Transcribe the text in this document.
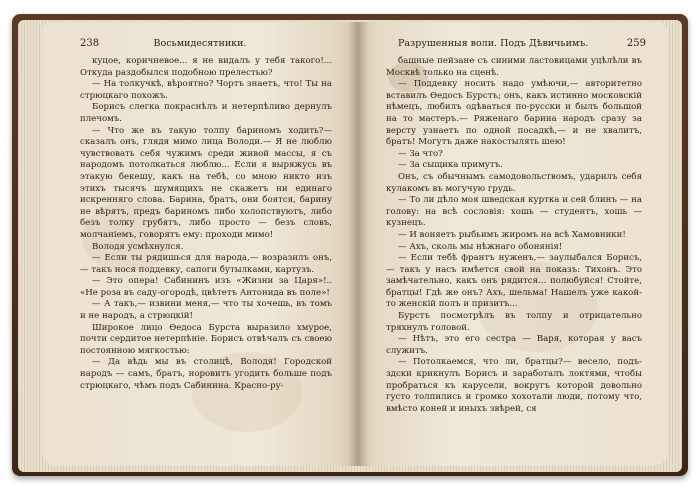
238	Восьмидесятники.
куцое, коричневое... я не видалъ у тебя такого!... Откуда раздобылся подобною прелестью?
— На толкучкѣ, вѣроятно? Чортъ знаетъ, что! Ты на стрюцкаго похожъ.
Борисъ слегка покраснѣлъ и нетерпѣливо дернулъ плечомъ.
— Что же въ такую толпу бариномъ ходить?— сказалъ онъ, глядя мимо лица Володи.— Я не люблю чувствовать себя чужимъ среди живой массы, я съ народомъ потолкаться люблю... Если я выряжусь въ этакую бекешу, какъ на тебѣ, со мною никто изъ этихъ тысячъ шумящихъ не скажетъ ни единаго искренняго слова. Барина, братъ, они боятся, барину не вѣрятъ, предъ бариномъ либо холопствуютъ, либо безъ толку грубятъ, либо просто — безъ словъ, молчаніемъ, говорятъ ему: проходи мимо!
Володя усмѣхнулся.
— Если ты рядишься для народа,— возразилъ онъ,— такъ нося поддевку, сапоги бутылками, картузъ.
— Это опера! Сабининъ изъ «Жизни за Царя»!.. «Не роза въ саду-огородѣ, цвѣтетъ Антонида въ поле»!
— А такъ,— извини меня,— что ты хочешь, въ томъ и не народъ, а стрюцкій!
Широкое лицо Ѳедоса Бурста выразило хмурое, почти сердитое нетерпѣніе. Борисъ отвѣчалъ съ своею постоянною мягкостью:
— Да вѣдь мы въ столицѣ, Володя! Городской народъ — самъ, братъ, норовитъ угодить больше подъ стрюцкаго, чѣмъ подъ Сабинина. Красно-ру-
259
Разрушенныя воли. Подъ Дѣвичьимъ.
башные пейзане съ синими ластовицами уцѣлѣли въ Москвѣ только на сценѣ.
— Поддевку носить надо умѣючи,— авторитетно вставилъ Ѳедосъ Бурстъ; онъ, какъ истинно московскій нѣмецъ, любилъ одѣваться по-русски и былъ большой на то мастеръ.— Ряженаго барина народъ сразу за версту узнаетъ по одной посадкѣ,— и не хвалитъ, братъ! Могутъ даже накостылять шею!
— За что?
— За сыщика примутъ.
Онъ, съ обычнымъ самодовольствомъ, ударилъ себя кулакомъ въ могучую грудь.
— То ли дѣло моя шведская куртка и сей блинъ — на голову: на всѣ сословія: хошь — студентъ, хошь — кузнецъ.
— И воняетъ рыбьимъ жиромъ на всѣ Хамовники!
— Ахъ, сколь мы нѣжнаго обонянія!
— Если тебѣ франтъ нуженъ,— заулыбался Борисъ,— такъ у насъ имѣется свой на показъ: Тихонъ. Это замѣчательно, какъ онъ рядится... полюбуйся! Стойте, братцы! Гдѣ же онъ? Ахъ, шельма! Нашелъ уже какой-то женскій полъ и призитъ...
Бурстъ посмотрѣлъ въ толпу и отрицательно тряхнулъ головой.
— Нѣтъ, это его сестра — Варя, которая у васъ служитъ.
— Потолкаемся, что ли, братцы?— весело, подъ-здски крикнулъ Борисъ и заработалъ локтями, чтобы пробраться къ карусели, вокругъ которой довольно густо толпились и громко хохотали люди, потому что, вмѣсто коней и иныхъ звѣрей, ся
